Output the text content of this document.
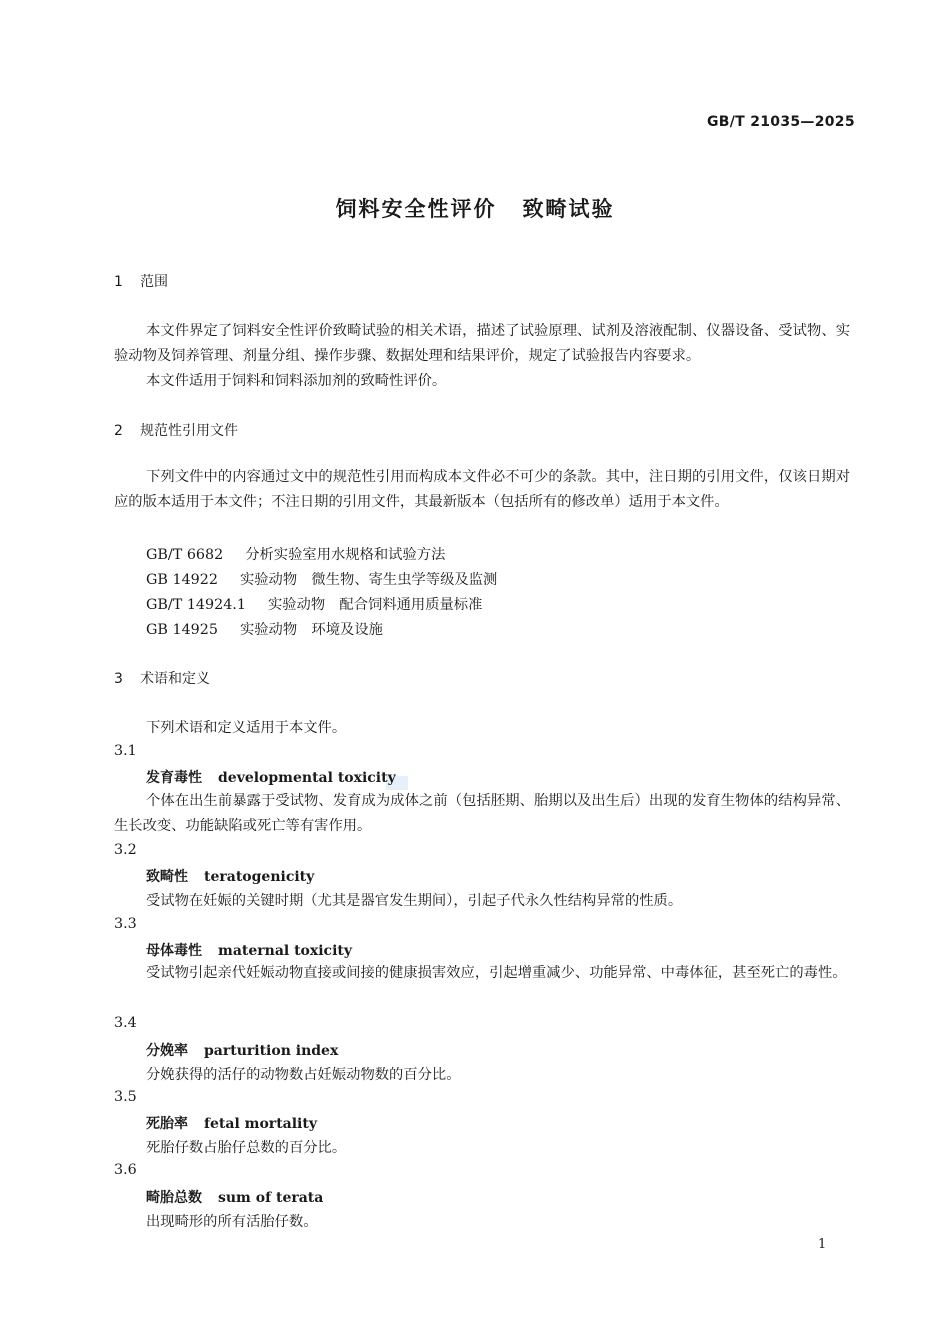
GB/T 21035—2025
饲料安全性评价 致畸试验
1 范围
本文件界定了饲料安全性评价致畸试验的相关术语，描述了试验原理、试剂及溶液配制、仪器设备、受试物、实验动物及饲养管理、剂量分组、操作步骤、数据处理和结果评价，规定了试验报告内容要求。
本文件适用于饲料和饲料添加剂的致畸性评价。
2 规范性引用文件
下列文件中的内容通过文中的规范性引用而构成本文件必不可少的条款。其中，注日期的引用文件，仅该日期对应的版本适用于本文件；不注日期的引用文件，其最新版本（包括所有的修改单）适用于本文件。
GB/T 6682 分析实验室用水规格和试验方法
GB 14922 实验动物　微生物、寄生虫学等级及监测
GB/T 14924.1 实验动物　配合饲料通用质量标准
GB 14925 实验动物　环境及设施
3 术语和定义
下列术语和定义适用于本文件。
3.1
发育毒性 developmental toxicity
个体在出生前暴露于受试物、发育成为成体之前（包括胚期、胎期以及出生后）出现的发育生物体的结构异常、生长改变、功能缺陷或死亡等有害作用。
3.2
致畸性 teratogenicity
受试物在妊娠的关键时期（尤其是器官发生期间），引起子代永久性结构异常的性质。
3.3
母体毒性 maternal toxicity
受试物引起亲代妊娠动物直接或间接的健康损害效应，引起增重减少、功能异常、中毒体征，甚至死亡的毒性。
3.4
分娩率 parturition index
分娩获得的活仔的动物数占妊娠动物数的百分比。
3.5
死胎率 fetal mortality
死胎仔数占胎仔总数的百分比。
3.6
畸胎总数 sum of terata
出现畸形的所有活胎仔数。
1
